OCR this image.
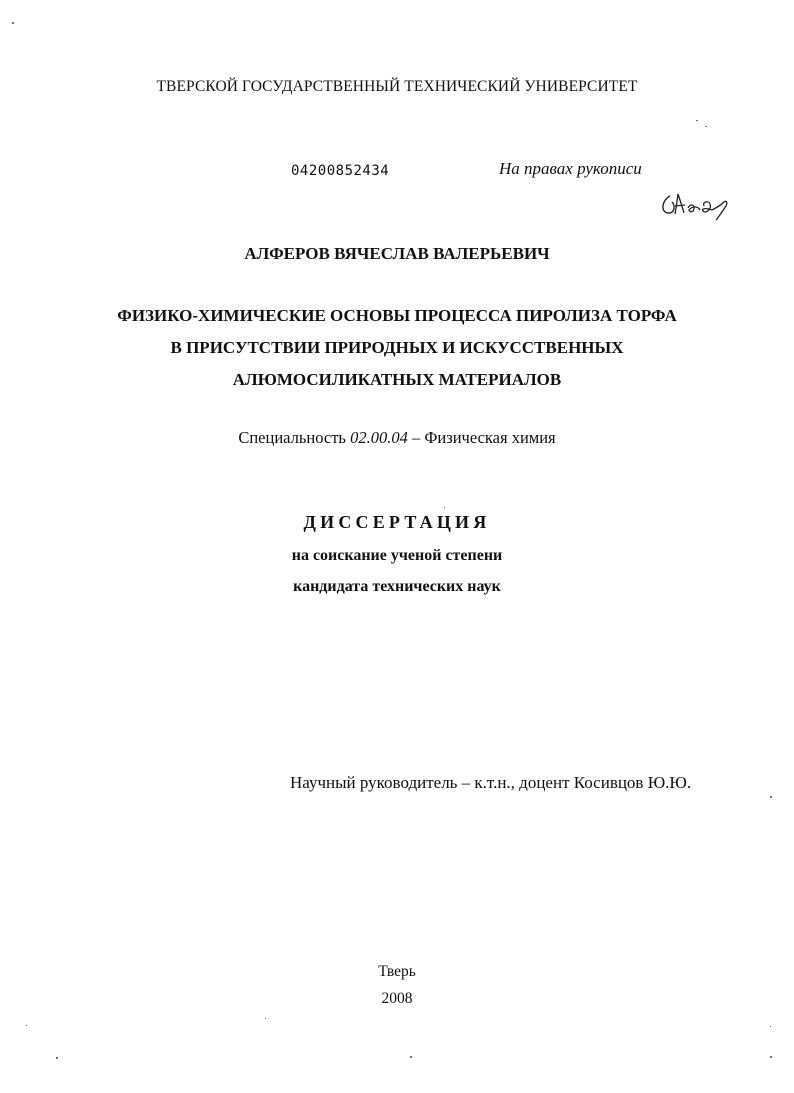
ТВЕРСКОЙ ГОСУДАРСТВЕННЫЙ ТЕХНИЧЕСКИЙ УНИВЕРСИТЕТ
04200852434	На правах рукописи
АЛФЕРОВ ВЯЧЕСЛАВ ВАЛЕРЬЕВИЧ
ФИЗИКО-ХИМИЧЕСКИЕ ОСНОВЫ ПРОЦЕССА ПИРОЛИЗА ТОРФА
В ПРИСУТСТВИИ ПРИРОДНЫХ И ИСКУССТВЕННЫХ
АЛЮМОСИЛИКАТНЫХ МАТЕРИАЛОВ
Специальность 02.00.04 – Физическая химия
ДИССЕРТАЦИЯ
на соискание ученой степени
кандидата технических наук
Научный руководитель – к.т.н., доцент Косивцов Ю.Ю.
Тверь
2008
